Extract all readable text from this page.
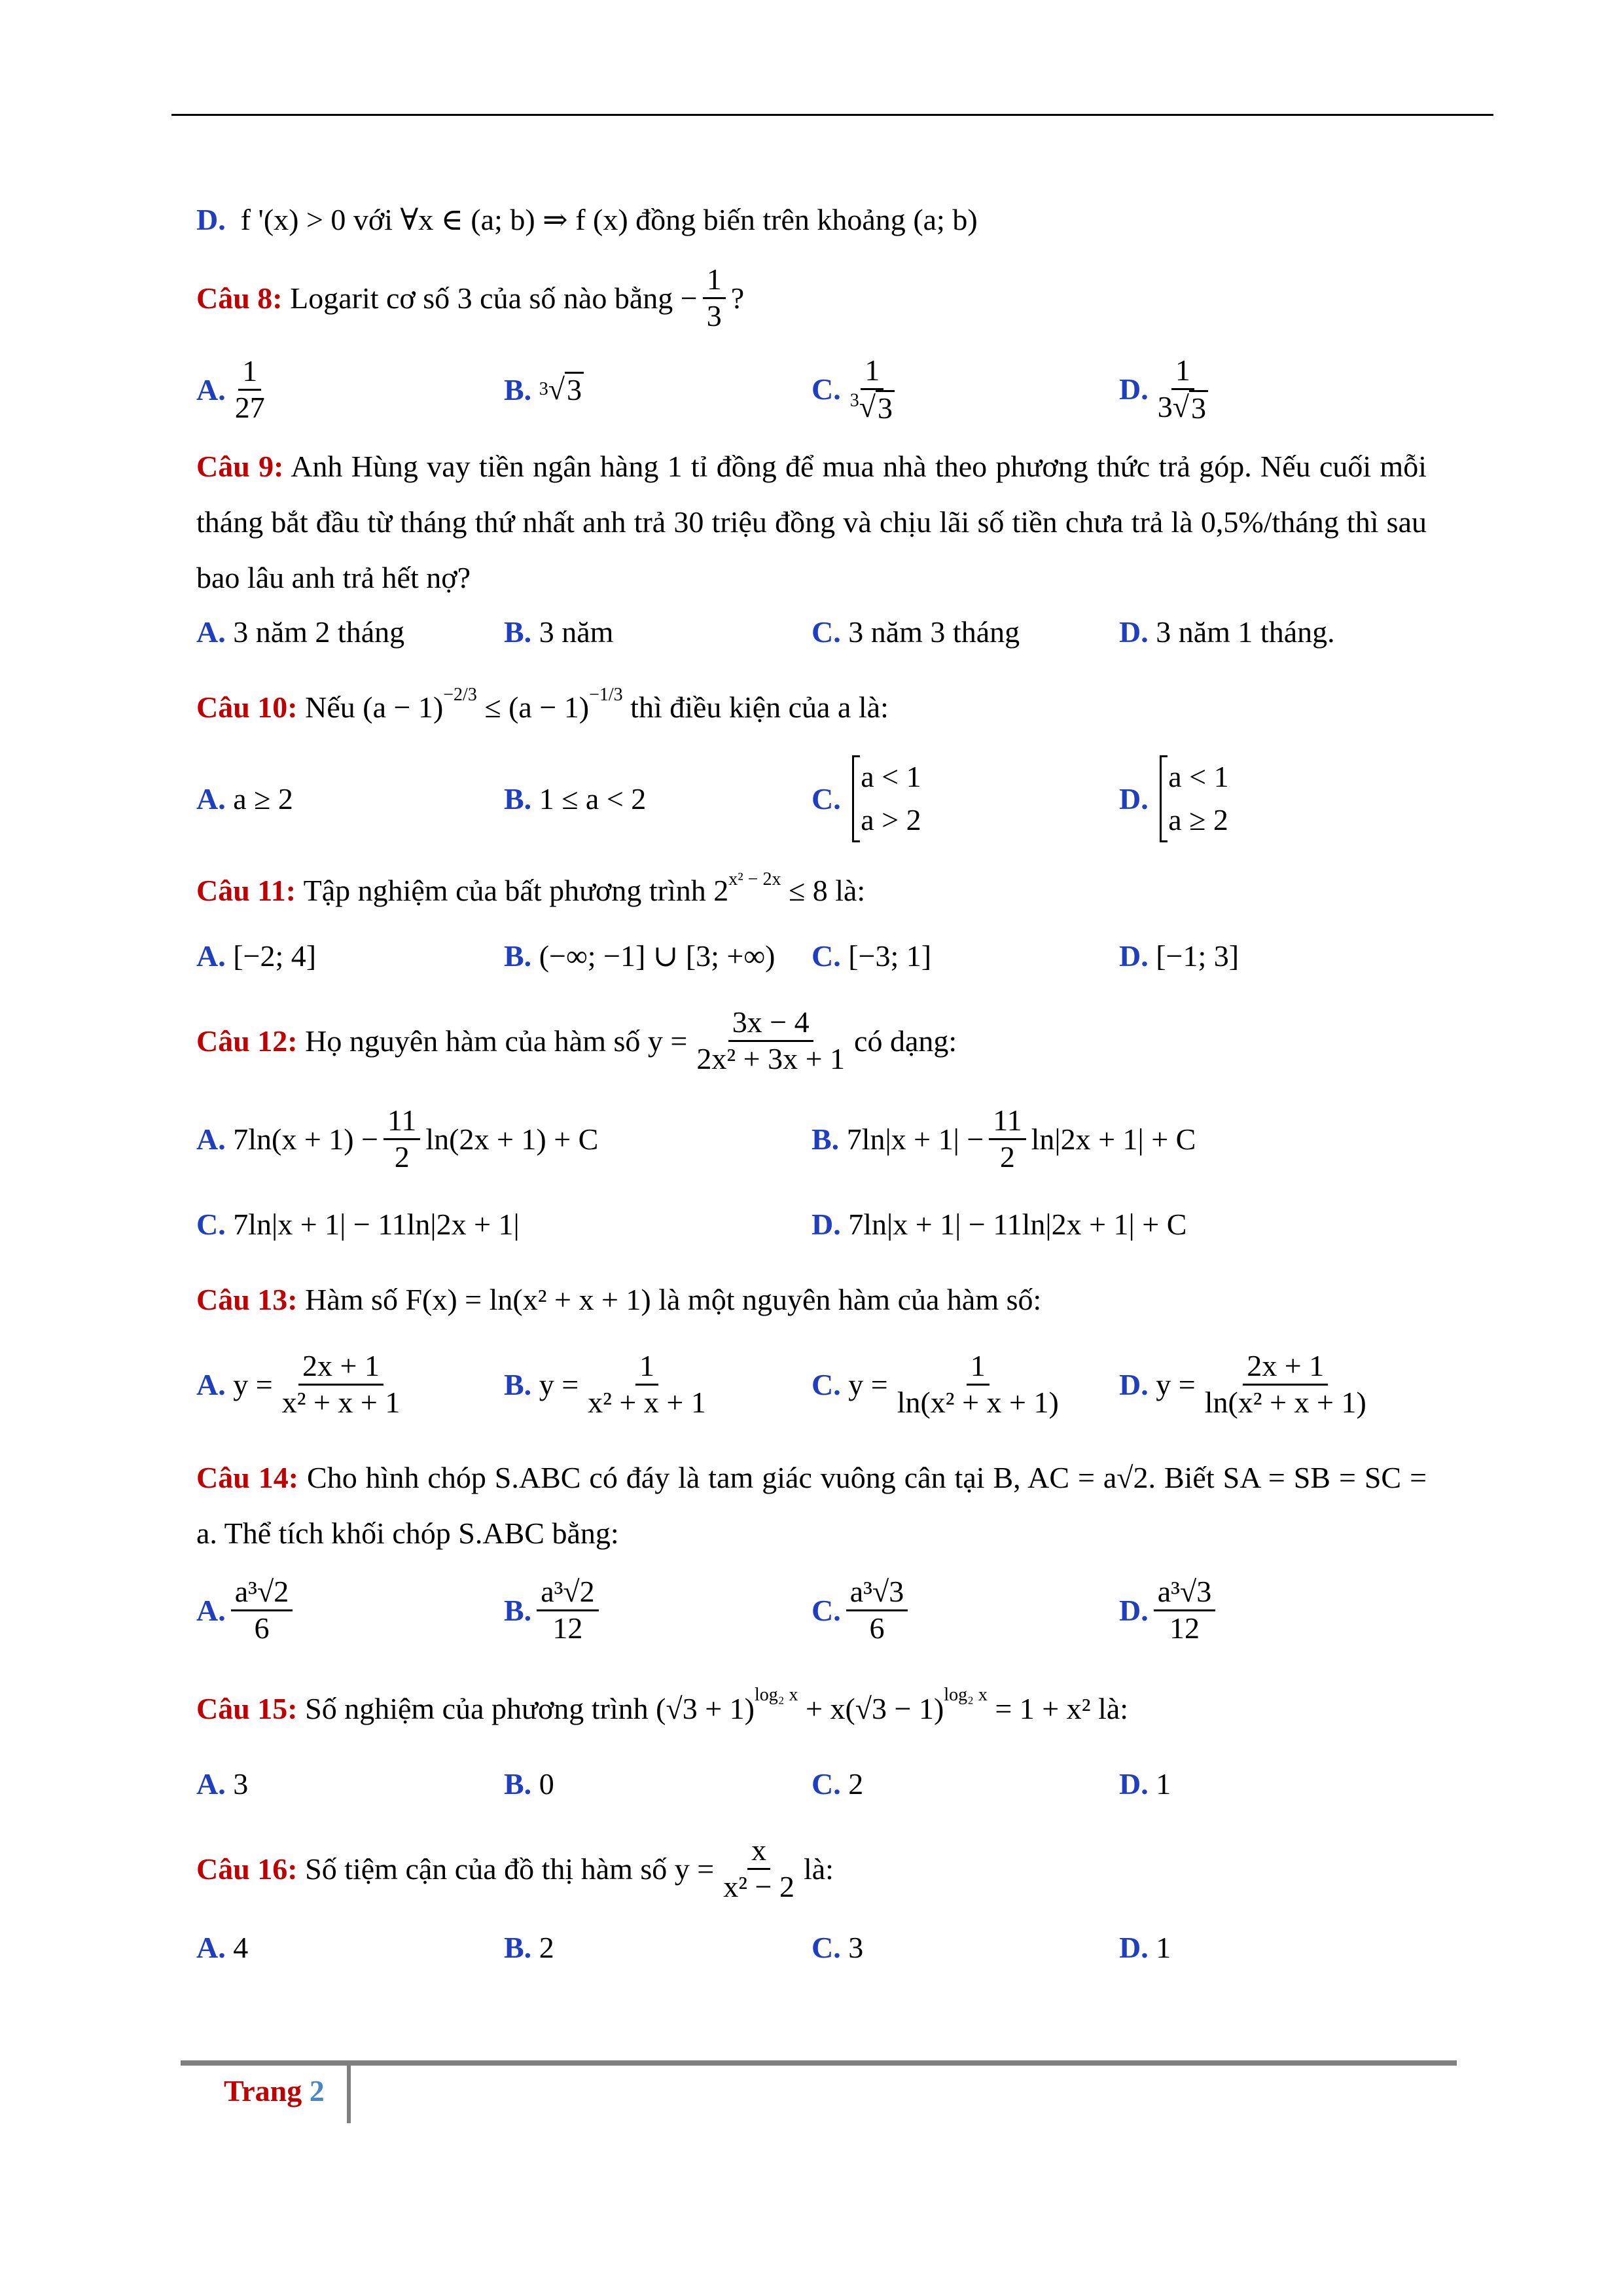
D.
f '(x) > 0 với ∀x ∈ (a; b) ⇒ f (x)
đồng biến trên khoảng
(a; b)
Câu 8:
Logarit cơ số 3 của số nào bằng
− $\frac{1}{3}$ ?
A. $\frac{1}{27}$	B.
3 √ 3	C. $\frac{1}{^3√ 3}$	D. $\frac{1}{3√ 3}$
Câu 9: Anh Hùng vay tiền ngân hàng 1 tỉ đồng để mua nhà theo phương thức trả góp. Nếu cuối mỗi tháng bắt đầu từ tháng thứ nhất anh trả 30 triệu đồng và chịu lãi số tiền chưa trả là 0,5%/tháng thì sau bao lâu anh trả hết nợ?
A.
3 năm 2 tháng	B.
3 năm	C.
3 năm 3 tháng	D.
3 năm 1 tháng.
Câu 10:
Nếu
$(a - 1)^{-2/3}$
≤
$(a - 1)^{-1/3}$
thì điều kiện của a là:
A.
a ≥ 2	B.
1 ≤ a < 2	C.

a < 1
a > 2
D.

a < 1
a ≥ 2
Câu 11:
Tập nghiệm của bất phương trình
$2^{x^2 - 2x}$
≤ 8
là:
A.
[−2; 4]	B.
(−∞; −1] ∪ [3; +∞) C.
[−3; 1]	D.
[−1; 3]
Câu 12:
Họ nguyên hàm của hàm số
$y = \frac{3x - 4}{\text{2x² + 3x + 1}}$ có dạng:
A.
$7\ln(x + 1) - \frac{11}{2} \ln(2x + 1) + C$	B.
$7\ln|x + 1| - \frac{11}{2} \ln|2x + 1| + C$
C.
7ln|x + 1| − 11ln|2x + 1|	D.
7ln|x + 1| − 11ln|2x + 1| + C
Câu 13:
Hàm số
F(x) = ln(x² + x + 1)
là một nguyên hàm của hàm số:
A.
$y = \frac{2x + 1}{\text{x² + x + 1}}$	B.
$y = \frac{1}{\text{x² + x + 1}}$	C.
$y = \frac{1}{\text{ln(x² + x + 1)}} D$.
$y = \frac{2x + 1}{\text{ln(x² + x + 1)}}$
Câu 14: Cho hình chóp S.ABC có đáy là tam giác vuông cân tại B, AC = a√2. Biết SA = SB = SC = a. Thể tích khối chóp S.ABC bằng:
A. $\frac{\text{a³√2}}{6}$	B. $\frac{\text{a³√2}}{12}$	C. $\frac{\text{a³√3}}{6}$	D. $\frac{\text{a³√3}}{12}$
Câu 15:
Số nghiệm của phương trình
$(√3 + 1)^{log_2 x}$
+ $x(√3 - 1)^{log_2 x}$
= 1 + x²
là:
A.
3	B.
0	C.
2	D.
1
Câu 16:
Số tiệm cận của đồ thị hàm số
$y = \frac{x}{\text{x² − 2}}$ là:
A.
4	B.
2	C.
3	D.
1
Trang 2
